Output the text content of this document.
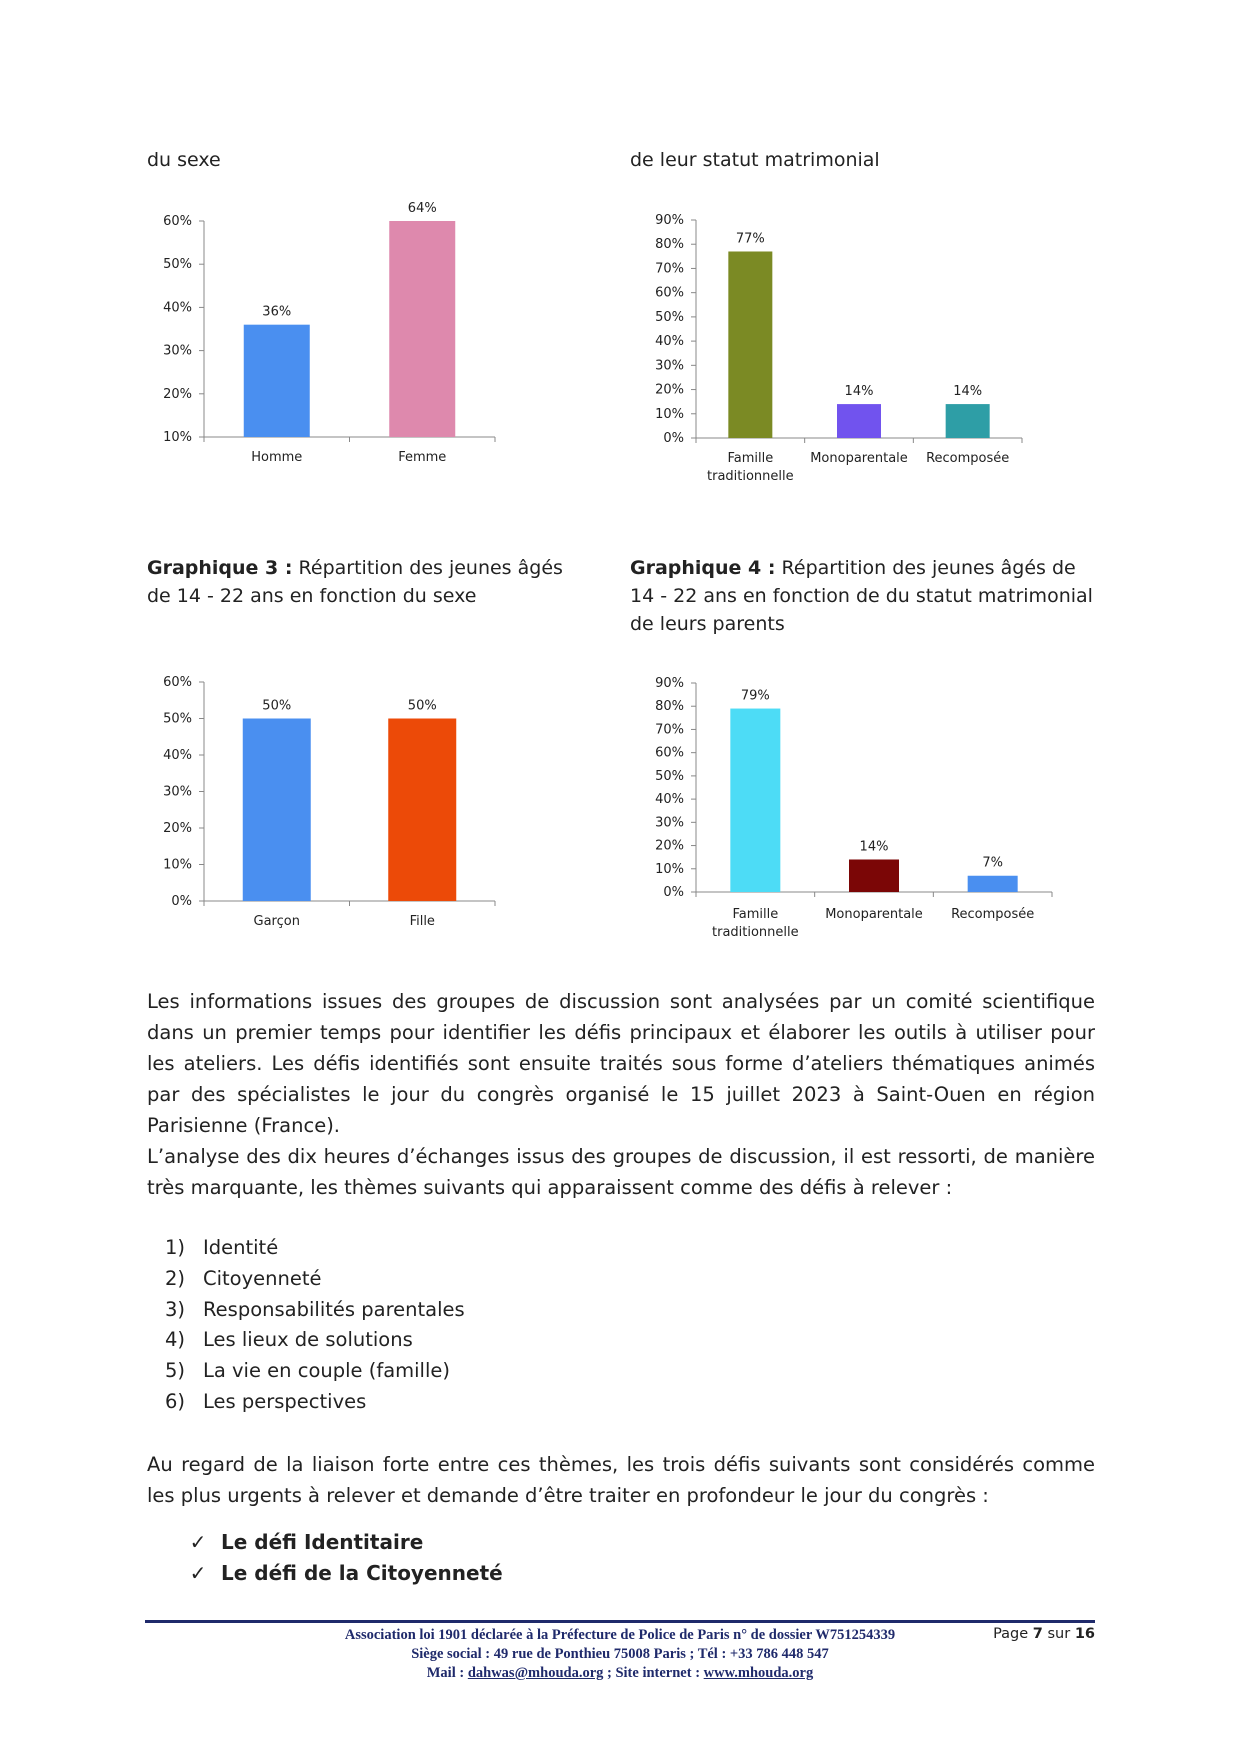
du sexe	de leur statut matrimonial
10%
20%
30%
40%
50%
60%
36%
Homme
64%
Femme
0%
10%
20%
30%
40%
50%
60%
70%
80%
90%
77%
Famille
traditionnelle
14%
Monoparentale
14%
Recomposée
Graphique 3 : Répartition des jeunes âgés de 14 - 22 ans en fonction du sexe
Graphique 4 : Répartition des jeunes âgés de 14 - 22 ans en fonction de du statut matrimonial de leurs parents
0%
10%
20%
30%
40%
50%
60%
50%
Garçon
50%
Fille
0%
10%
20%
30%
40%
50%
60%
70%
80%
90%
79%
Famille
traditionnelle
14%
Monoparentale
7%
Recomposée

Les informations issues des groupes de discussion sont analysées par un comité scientifique dans un premier temps pour identifier les défis principaux et élaborer les outils à utiliser pour les ateliers. Les défis identifiés sont ensuite traités sous forme d’ateliers thématiques animés par des spécialistes le jour du congrès organisé le 15 juillet 2023 à Saint-Ouen en région Parisienne (France).

L’analyse des dix heures d’échanges issus des groupes de discussion, il est ressorti, de manière très marquante, les thèmes suivants qui apparaissent comme des défis à relever :

1) Identité
2) Citoyenneté
3) Responsabilités parentales
4) Les lieux de solutions
5) La vie en couple (famille)
6) Les perspectives

Au regard de la liaison forte entre ces thèmes, les trois défis suivants sont considérés comme les plus urgents à relever et demande d’être traiter en profondeur le jour du congrès :

✓ Le défi Identitaire
✓ Le défi de la Citoyenneté
Association loi 1901 déclarée à la Préfecture de Police de Paris n° de dossier W751254339
Siège social : 49 rue de Ponthieu 75008 Paris ; Tél : +33 786 448 547
Mail : dahwas@mhouda.org ; Site internet : www.mhouda.org
Page 7 sur 16
